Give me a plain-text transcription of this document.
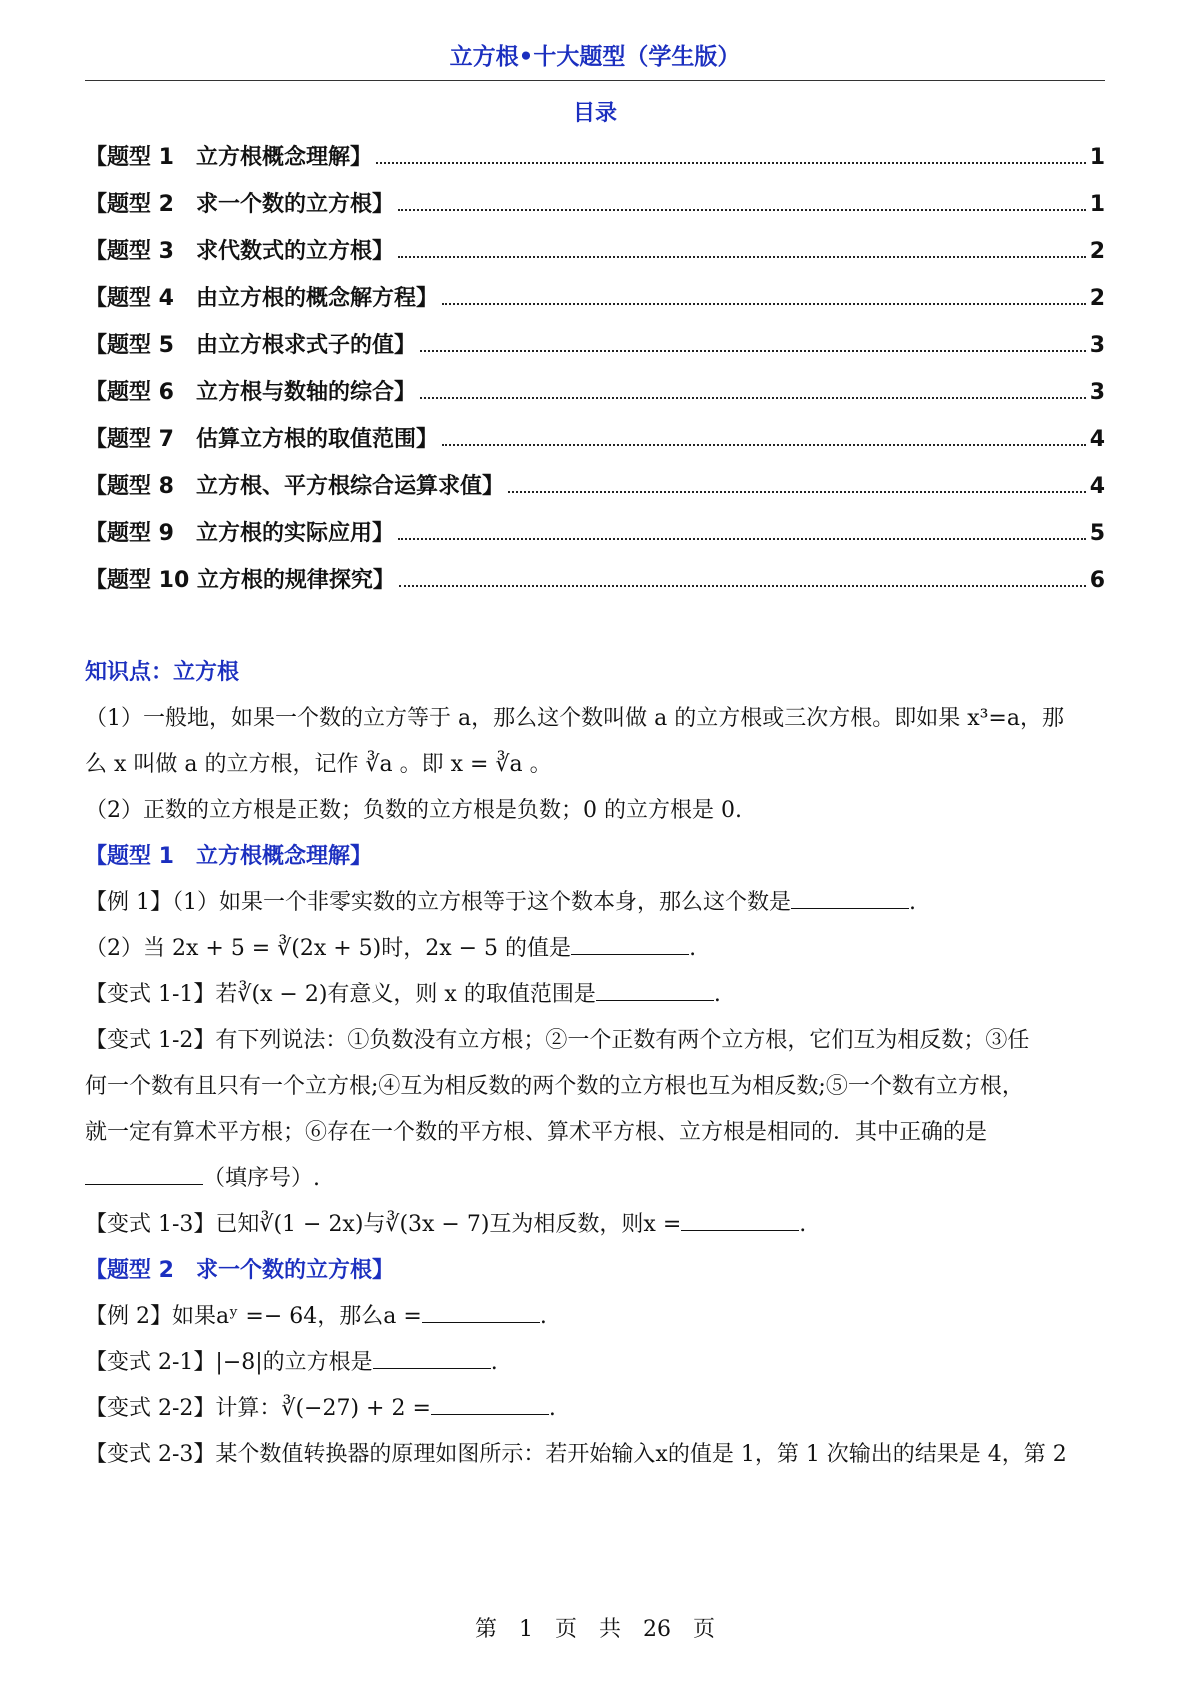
立方根•十大题型（学生版）
目录
【题型 1　立方根概念理解】	1
【题型 2　求一个数的立方根】	1
【题型 3　求代数式的立方根】	2
【题型 4　由立方根的概念解方程】	2
【题型 5　由立方根求式子的值】	3
【题型 6　立方根与数轴的综合】	3
【题型 7　估算立方根的取值范围】	4
【题型 8　立方根、平方根综合运算求值】	4
【题型 9　立方根的实际应用】	5
【题型 10 立方根的规律探究】	6
知识点：立方根

（1）一般地，如果一个数的立方等于 a，那么这个数叫做 a 的立方根或三次方根。即如果 x³=a，那

么 x 叫做 a 的立方根，记作 ∛a 。即 x = ∛a 。

（2）正数的立方根是正数；负数的立方根是负数；0 的立方根是 0.

【题型 1　立方根概念理解】

【例 1】（1）如果一个非零实数的立方根等于这个数本身，那么这个数是	.

（2）当 2x + 5 = ∛(2x + 5)时，2x − 5 的值是	.

【变式 1-1】若∛(x − 2)有意义，则 x 的取值范围是	.

【变式 1-2】有下列说法：①负数没有立方根；②一个正数有两个立方根，它们互为相反数；③任

何一个数有且只有一个立方根;④互为相反数的两个数的立方根也互为相反数;⑤一个数有立方根，

就一定有算术平方根；⑥存在一个数的平方根、算术平方根、立方根是相同的．其中正确的是

（填序号）.

【变式 1-3】已知∛(1 − 2x)与∛(3x − 7)互为相反数，则x =	.

【题型 2　求一个数的立方根】

【例 2】如果aʸ =− 64，那么a =	.

【变式 2-1】|−8|的立方根是	.

【变式 2-2】计算：∛(−27) + 2 =	.

【变式 2-3】某个数值转换器的原理如图所示：若开始输入x的值是 1，第 1 次输出的结果是 4，第 2

第　1　页　共　26　页
